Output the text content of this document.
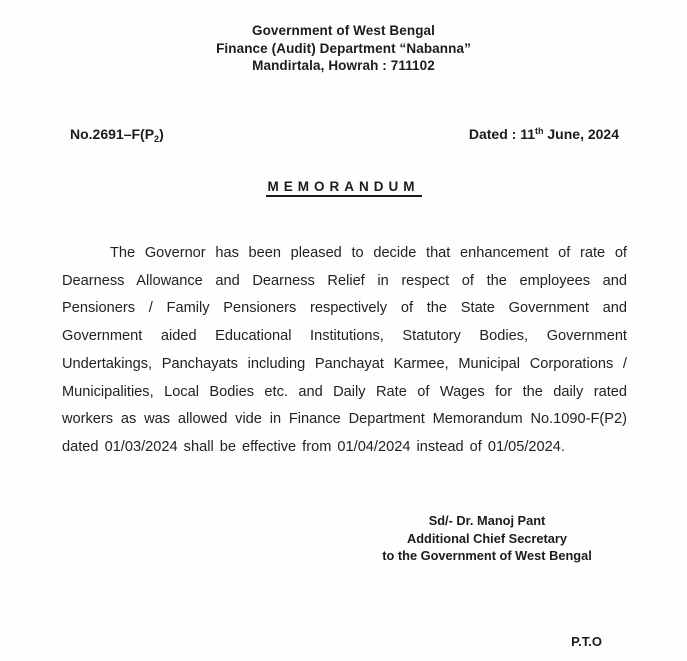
Government of West Bengal
Finance (Audit) Department “Nabanna”
Mandirtala, Howrah : 711102
$No.2691-F(P_2)$	Dated : 11th June, 2024
MEMORANDUM

The Governor has been pleased to decide that enhancement of rate of Dearness Allowance and Dearness Relief in respect of the employees and Pensioners / Family Pensioners respectively of the State Government and Government aided Educational Institutions, Statutory Bodies, Government Undertakings, Panchayats including Panchayat Karmee, Municipal Corporations / Municipalities, Local Bodies etc. and Daily Rate of Wages for the daily rated workers as was allowed vide in Finance Department Memorandum No.1090-F(P2) dated 01/03/2024 shall be effective from 01/04/2024 instead of 01/05/2024.

Sd/- Dr. Manoj Pant
Additional Chief Secretary
to the Government of West Bengal
P.T.O
